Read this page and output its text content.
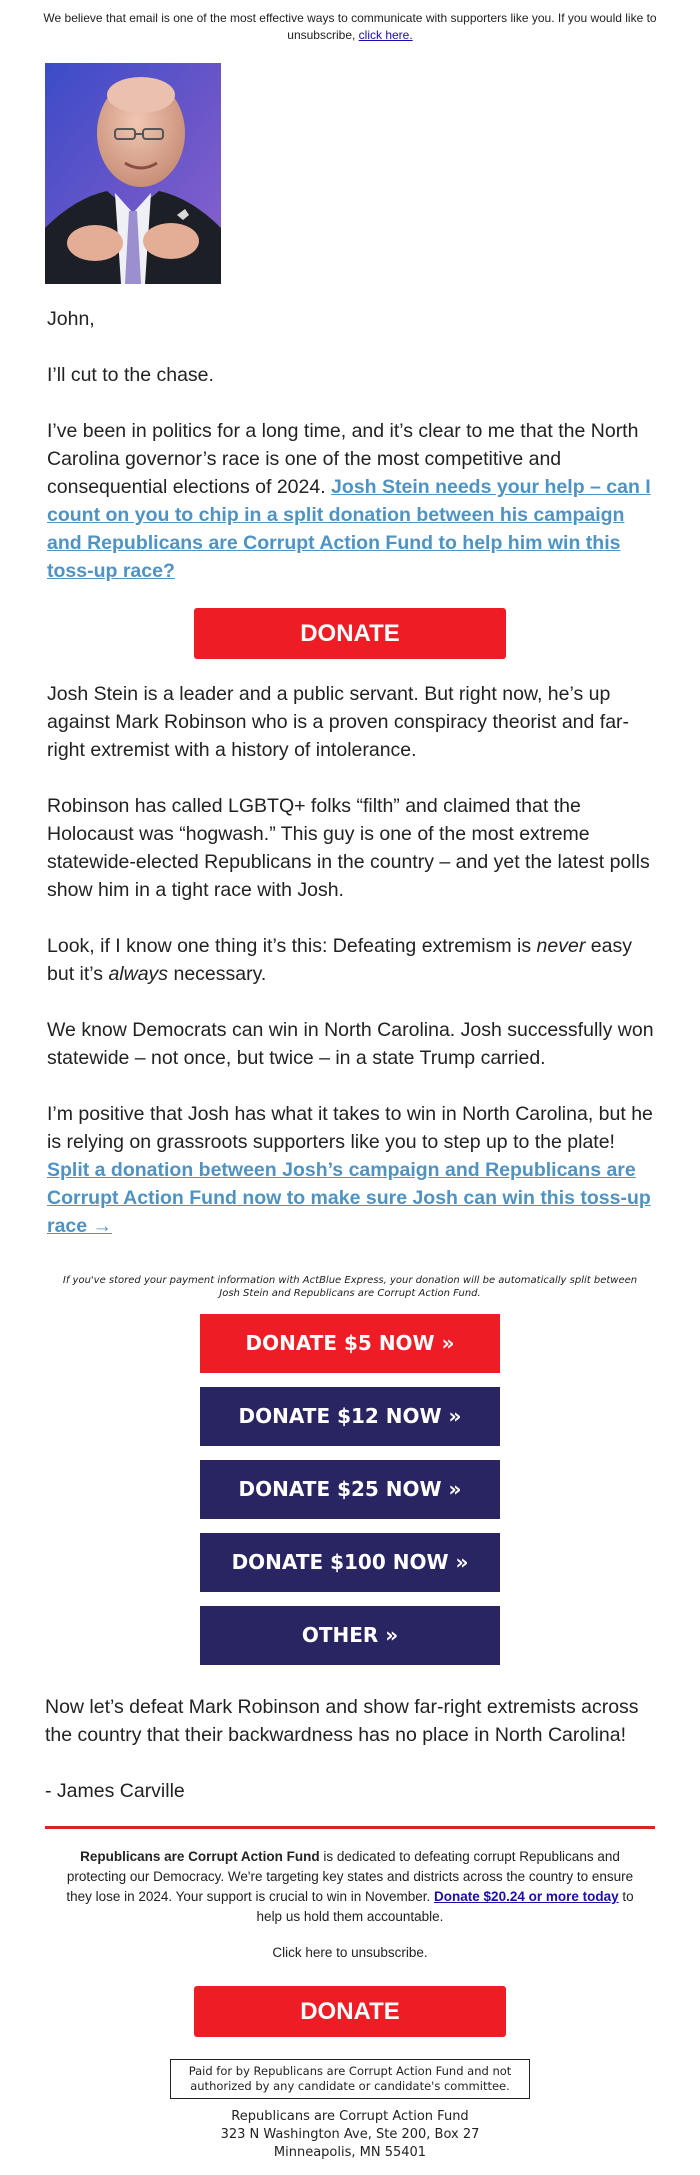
We believe that email is one of the most effective ways to communicate with supporters like you. If you would like to unsubscribe, click here.
John,
I’ll cut to the chase.
I’ve been in politics for a long time, and it’s clear to me that the North Carolina governor’s race is one of the most competitive and consequential elections of 2024. Josh Stein needs your help – can I count on you to chip in a split donation between his campaign and Republicans are Corrupt Action Fund to help him win this toss-up race?
DONATE
Josh Stein is a leader and a public servant. But right now, he’s up against Mark Robinson who is a proven conspiracy theorist and far-right extremist with a history of intolerance.
Robinson has called LGBTQ+ folks “filth” and claimed that the Holocaust was “hogwash.” This guy is one of the most extreme statewide-elected Republicans in the country – and yet the latest polls show him in a tight race with Josh.
Look, if I know one thing it’s this: Defeating extremism is never easy but it’s always necessary.
We know Democrats can win in North Carolina. Josh successfully won statewide – not once, but twice – in a state Trump carried.
I’m positive that Josh has what it takes to win in North Carolina, but he is relying on grassroots supporters like you to step up to the plate! Split a donation between Josh’s campaign and Republicans are Corrupt Action Fund now to make sure Josh can win this toss-up race →
If you've stored your payment information with ActBlue Express, your donation will be automatically split between Josh Stein and Republicans are Corrupt Action Fund.
DONATE $5 NOW »
DONATE $12 NOW »
DONATE $25 NOW »
DONATE $100 NOW »
OTHER »
Now let’s defeat Mark Robinson and show far-right extremists across the country that their backwardness has no place in North Carolina!
- James Carville
Republicans are Corrupt Action Fund is dedicated to defeating corrupt Republicans and protecting our Democracy. We're targeting key states and districts across the country to ensure they lose in 2024. Your support is crucial to win in November. Donate $20.24 or more today to help us hold them accountable.
Click here to unsubscribe.
DONATE
Paid for by Republicans are Corrupt Action Fund and not authorized by any candidate or candidate's committee.
Republicans are Corrupt Action Fund
323 N Washington Ave, Ste 200, Box 27
Minneapolis, MN 55401
